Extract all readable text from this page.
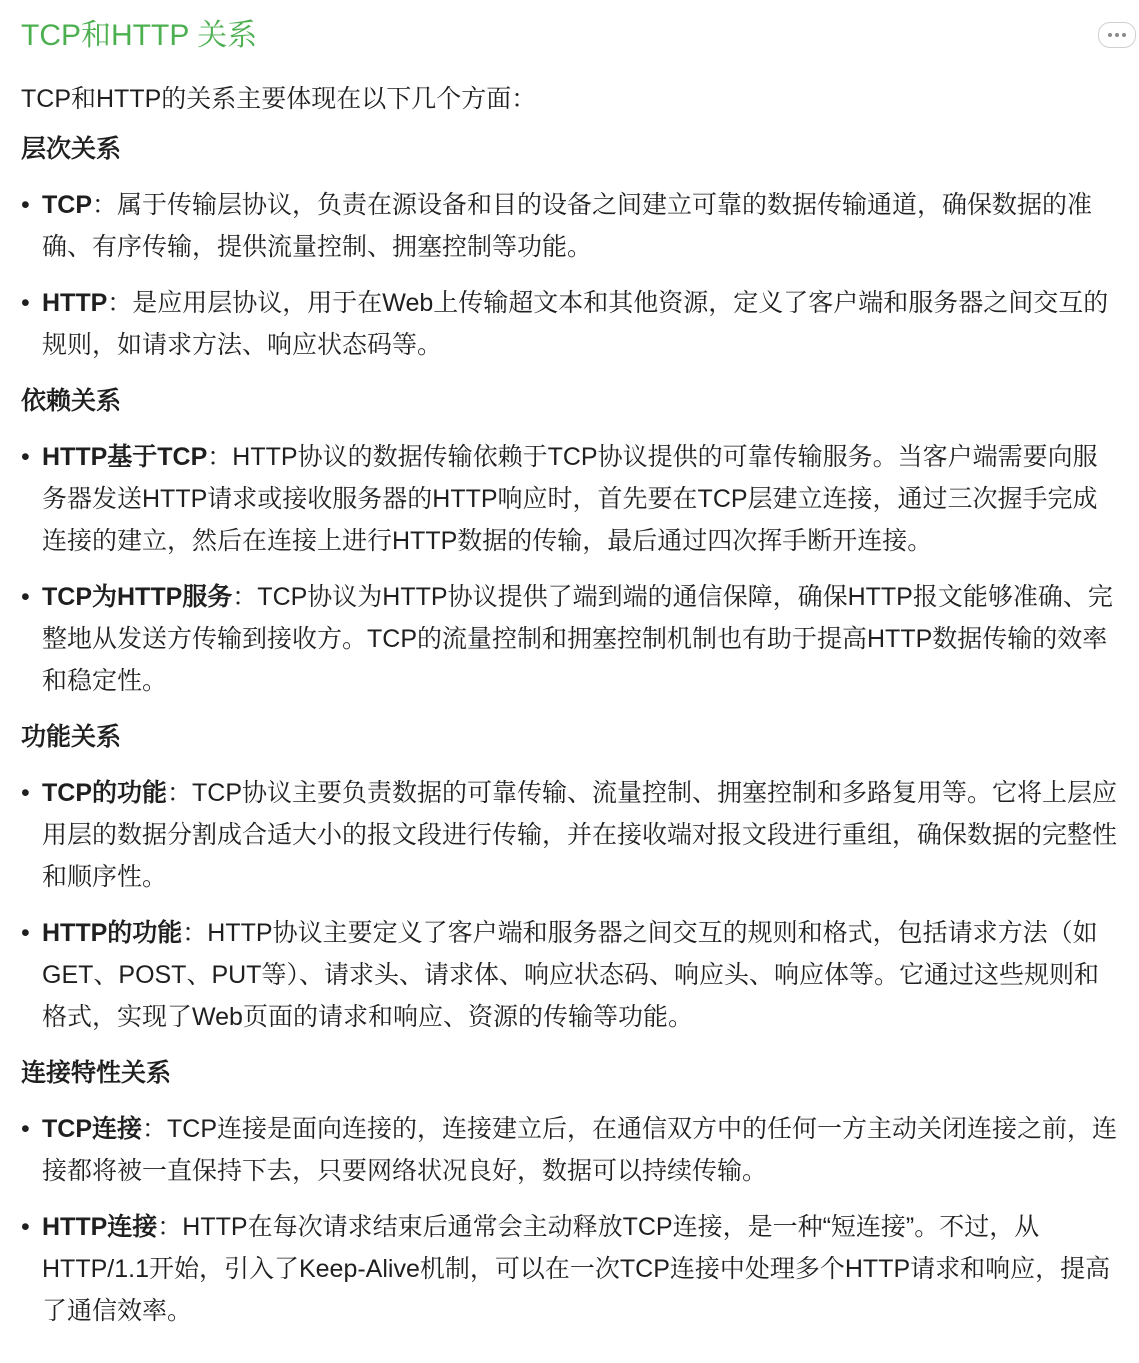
TCP和HTTP 关系

TCP和HTTP的关系主要体现在以下几个方面：

层次关系
• TCP：属于传输层协议，负责在源设备和目的设备之间建立可靠的数据传输通道，确保数据的准确、有序传输，提供流量控制、拥塞控制等功能。
• HTTP：是应用层协议，用于在Web上传输超文本和其他资源，定义了客户端和服务器之间交互的规则，如请求方法、响应状态码等。
依赖关系
• HTTP基于TCP：HTTP协议的数据传输依赖于TCP协议提供的可靠传输服务。当客户端需要向服务器发送HTTP请求或接收服务器的HTTP响应时，首先要在TCP层建立连接，通过三次握手完成连接的建立，然后在连接上进行HTTP数据的传输，最后通过四次挥手断开连接。
• TCP为HTTP服务：TCP协议为HTTP协议提供了端到端的通信保障，确保HTTP报文能够准确、完整地从发送方传输到接收方。TCP的流量控制和拥塞控制机制也有助于提高HTTP数据传输的效率和稳定性。
功能关系
• TCP的功能：TCP协议主要负责数据的可靠传输、流量控制、拥塞控制和多路复用等。它将上层应用层的数据分割成合适大小的报文段进行传输，并在接收端对报文段进行重组，确保数据的完整性和顺序性。
• HTTP的功能：HTTP协议主要定义了客户端和服务器之间交互的规则和格式，包括请求方法（如GET、POST、PUT等）、请求头、请求体、响应状态码、响应头、响应体等。它通过这些规则和格式，实现了Web页面的请求和响应、资源的传输等功能。
连接特性关系
• TCP连接：TCP连接是面向连接的，连接建立后，在通信双方中的任何一方主动关闭连接之前，连接都将被一直保持下去，只要网络状况良好，数据可以持续传输。
• HTTP连接：HTTP在每次请求结束后通常会主动释放TCP连接，是一种“短连接”。不过，从HTTP/1.1开始，引入了Keep-Alive机制，可以在一次TCP连接中处理多个HTTP请求和响应，提高了通信效率。
